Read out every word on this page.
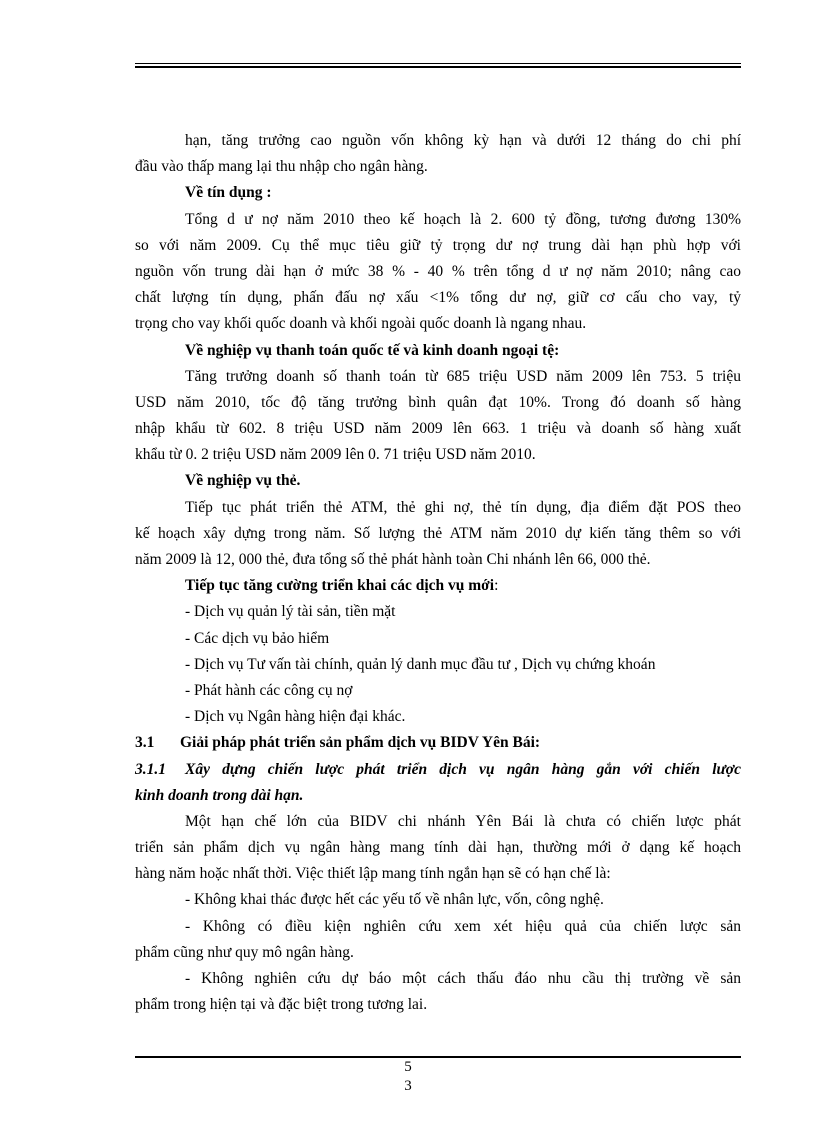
hạn, tăng trưởng cao nguồn vốn không kỳ hạn và dưới 12 tháng do chi phí
đầu vào thấp mang lại thu nhập cho ngân hàng.
Về tín dụng :
Tổng d ư nợ năm 2010 theo kế hoạch là 2. 600 tỷ đồng, tương đương 130%
so với năm 2009. Cụ thể mục tiêu giữ tỷ trọng dư nợ trung dài hạn phù hợp với
nguồn vốn trung dài hạn ở mức 38 % - 40 % trên tổng d ư nợ năm 2010; nâng cao
chất lượng tín dụng, phấn đấu nợ xấu <1% tổng dư nợ, giữ cơ cấu cho vay, tỷ
trọng cho vay khối quốc doanh và khối ngoài quốc doanh là ngang nhau.
Về nghiệp vụ thanh toán quốc tế và kinh doanh ngoại tệ:
Tăng trưởng doanh số thanh toán từ 685 triệu USD năm 2009 lên 753. 5 triệu
USD năm 2010, tốc độ tăng trưởng bình quân đạt 10%. Trong đó doanh số hàng
nhập khẩu từ 602. 8 triệu USD năm 2009 lên 663. 1 triệu và doanh số hàng xuất
khẩu từ 0. 2 triệu USD năm 2009 lên 0. 71 triệu USD năm 2010.
Về nghiệp vụ thẻ.
Tiếp tục phát triển thẻ ATM, thẻ ghi nợ, thẻ tín dụng, địa điểm đặt POS theo
kế hoạch xây dựng trong năm. Số lượng thẻ ATM năm 2010 dự kiến tăng thêm so với
năm 2009 là 12, 000 thẻ, đưa tổng số thẻ phát hành toàn Chi nhánh lên 66, 000 thẻ.
Tiếp tục tăng cường triển khai các dịch vụ mới:
- Dịch vụ quản lý tài sản, tiền mặt
- Các dịch vụ bảo hiểm
- Dịch vụ Tư vấn tài chính, quản lý danh mục đầu tư , Dịch vụ chứng khoán
- Phát hành các công cụ nợ
- Dịch vụ Ngân hàng hiện đại khác.
3.1	Giải pháp phát triển sản phẩm dịch vụ BIDV Yên Bái:
3.1.1	Xây dựng chiến lược phát triển dịch vụ ngân hàng gắn với chiến lược
kinh doanh trong dài hạn.
Một hạn chế lớn của BIDV chi nhánh Yên Bái là chưa có chiến lược phát
triển sản phẩm dịch vụ ngân hàng mang tính dài hạn, thường mới ở dạng kế hoạch
hàng năm hoặc nhất thời. Việc thiết lập mang tính ngắn hạn sẽ có hạn chế là:
- Không khai thác được hết các yếu tố về nhân lực, vốn, công nghệ.
- Không có điều kiện nghiên cứu xem xét hiệu quả của chiến lược sản
phẩm cũng như quy mô ngân hàng.
- Không nghiên cứu dự báo một cách thấu đáo nhu cầu thị trường về sản
phẩm trong hiện tại và đặc biệt trong tương lai.
5
3
